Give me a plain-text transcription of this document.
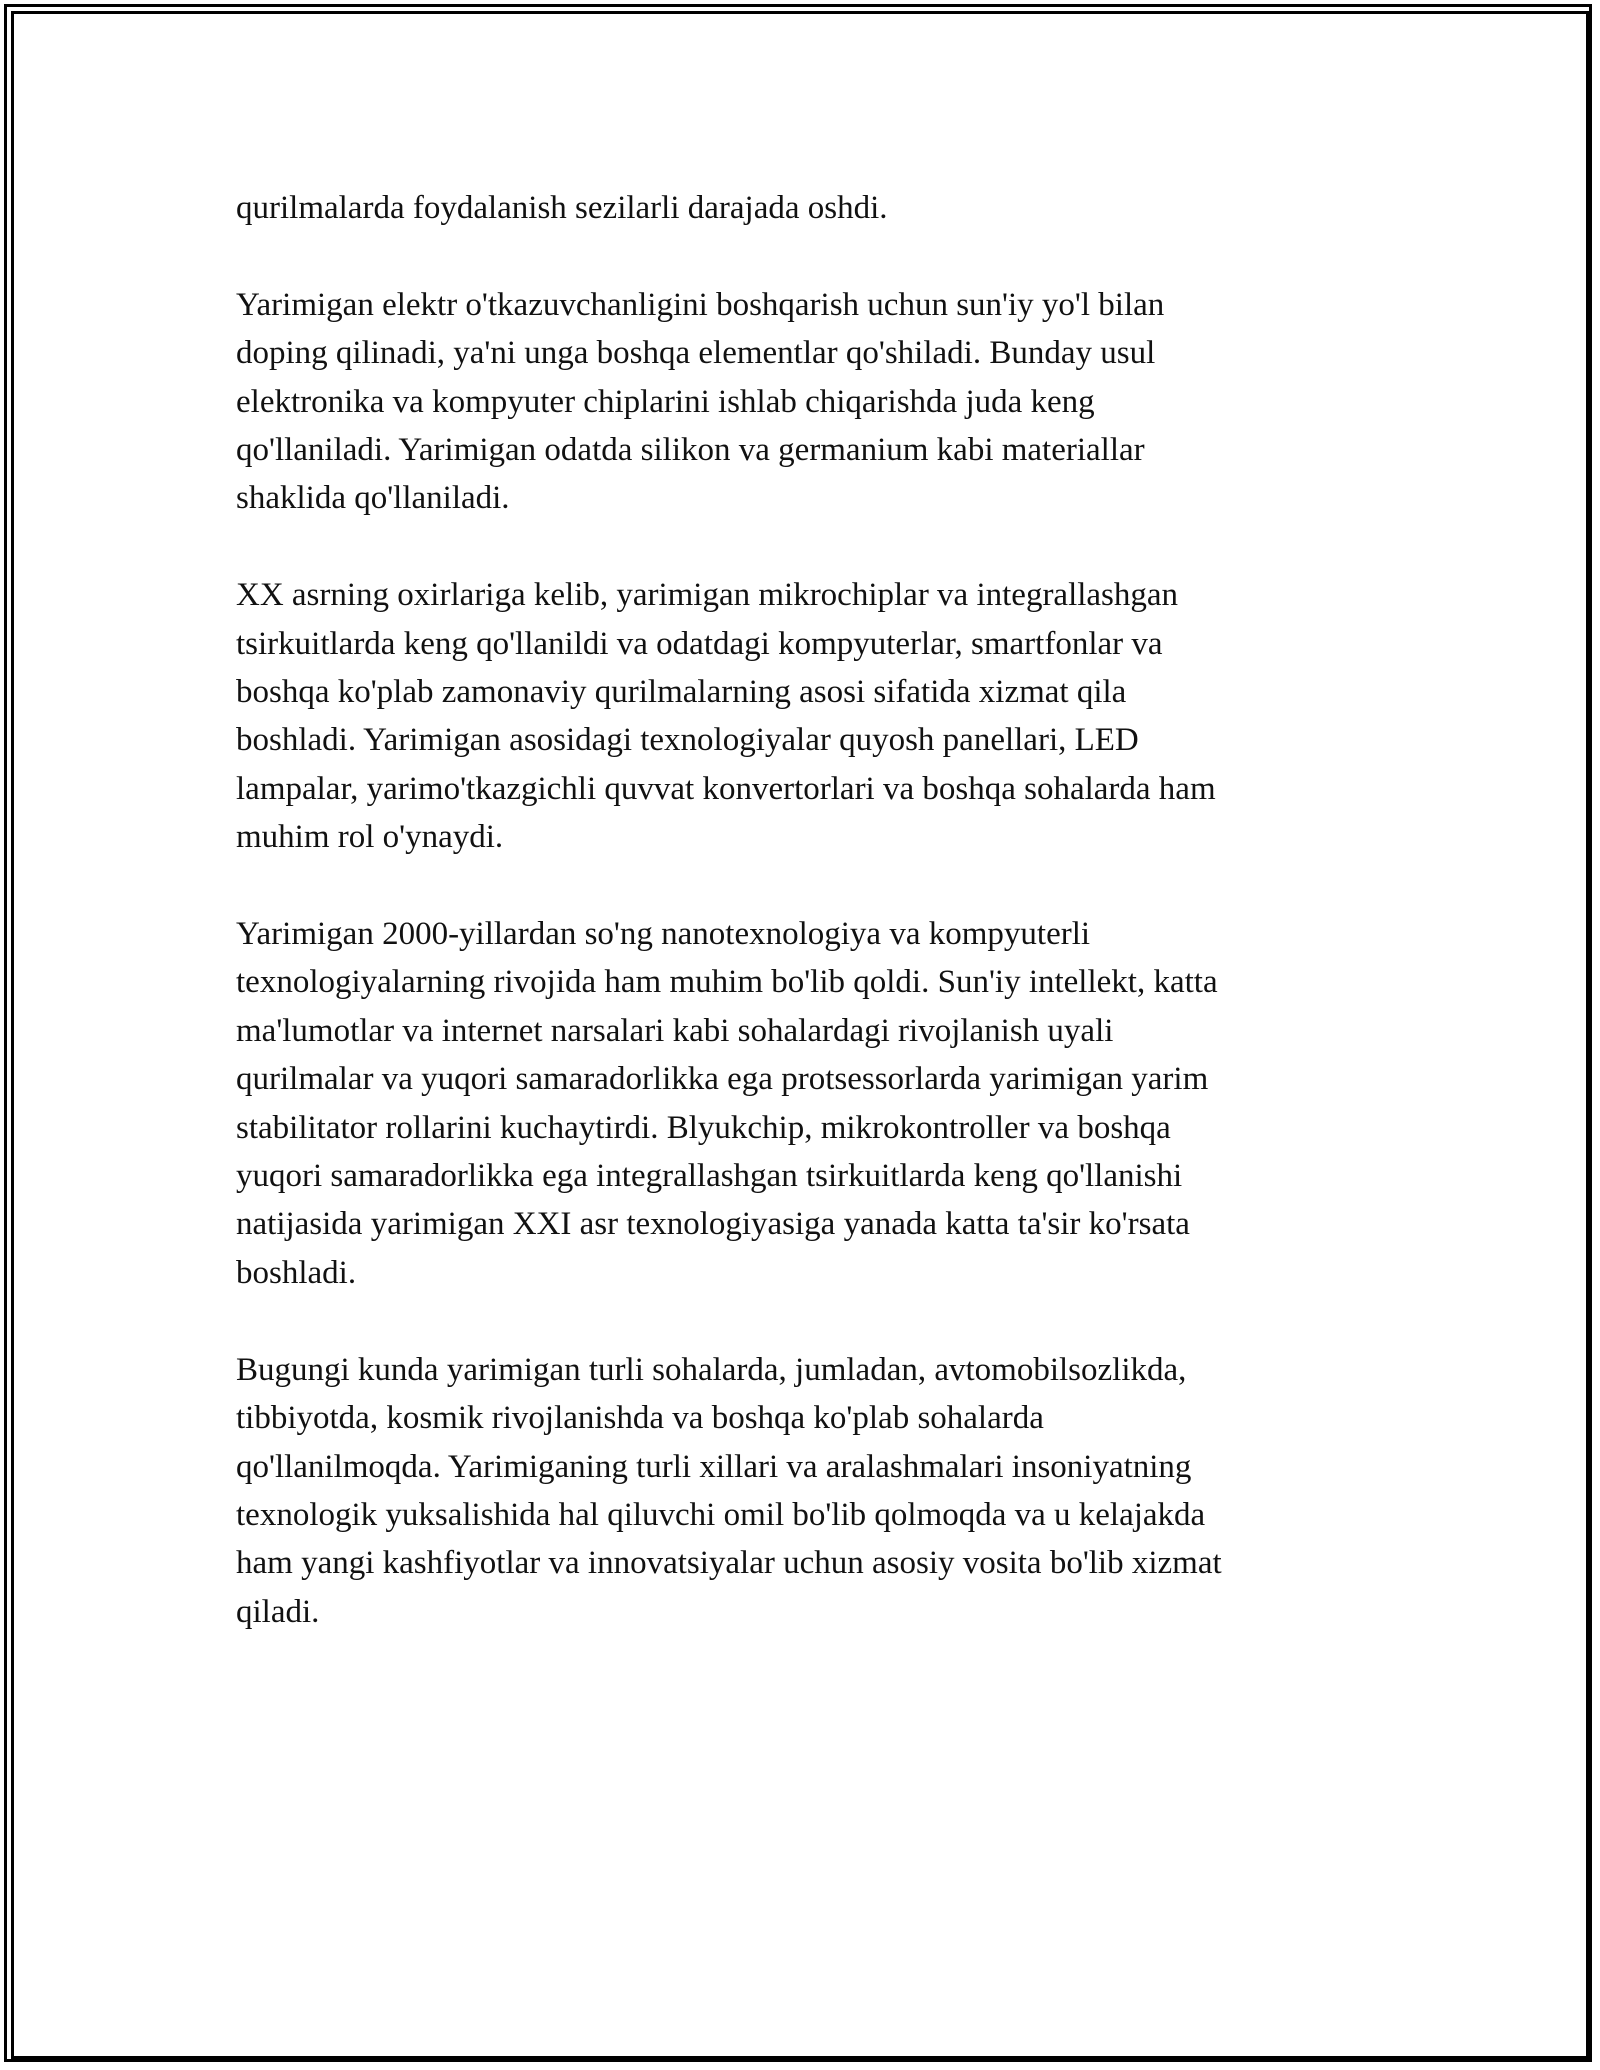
qurilmalarda foydalanish sezilarli darajada oshdi.

Yarimigan elektr o'tkazuvchanligini boshqarish uchun sun'iy yo'l bilan

doping qilinadi, ya'ni unga boshqa elementlar qo'shiladi. Bunday usul

elektronika va kompyuter chiplarini ishlab chiqarishda juda keng

qo'llaniladi. Yarimigan odatda silikon va germanium kabi materiallar

shaklida qo'llaniladi.

XX asrning oxirlariga kelib, yarimigan mikrochiplar va integrallashgan

tsirkuitlarda keng qo'llanildi va odatdagi kompyuterlar, smartfonlar va

boshqa ko'plab zamonaviy qurilmalarning asosi sifatida xizmat qila

boshladi. Yarimigan asosidagi texnologiyalar quyosh panellari, LED

lampalar, yarimo'tkazgichli quvvat konvertorlari va boshqa sohalarda ham

muhim rol o'ynaydi.

Yarimigan 2000-yillardan so'ng nanotexnologiya va kompyuterli

texnologiyalarning rivojida ham muhim bo'lib qoldi. Sun'iy intellekt, katta

ma'lumotlar va internet narsalari kabi sohalardagi rivojlanish uyali

qurilmalar va yuqori samaradorlikka ega protsessorlarda yarimigan yarim

stabilitator rollarini kuchaytirdi. Blyukchip, mikrokontroller va boshqa

yuqori samaradorlikka ega integrallashgan tsirkuitlarda keng qo'llanishi

natijasida yarimigan XXI asr texnologiyasiga yanada katta ta'sir ko'rsata

boshladi.

Bugungi kunda yarimigan turli sohalarda, jumladan, avtomobilsozlikda,

tibbiyotda, kosmik rivojlanishda va boshqa ko'plab sohalarda

qo'llanilmoqda. Yarimiganing turli xillari va aralashmalari insoniyatning

texnologik yuksalishida hal qiluvchi omil bo'lib qolmoqda va u kelajakda

ham yangi kashfiyotlar va innovatsiyalar uchun asosiy vosita bo'lib xizmat

qiladi.
